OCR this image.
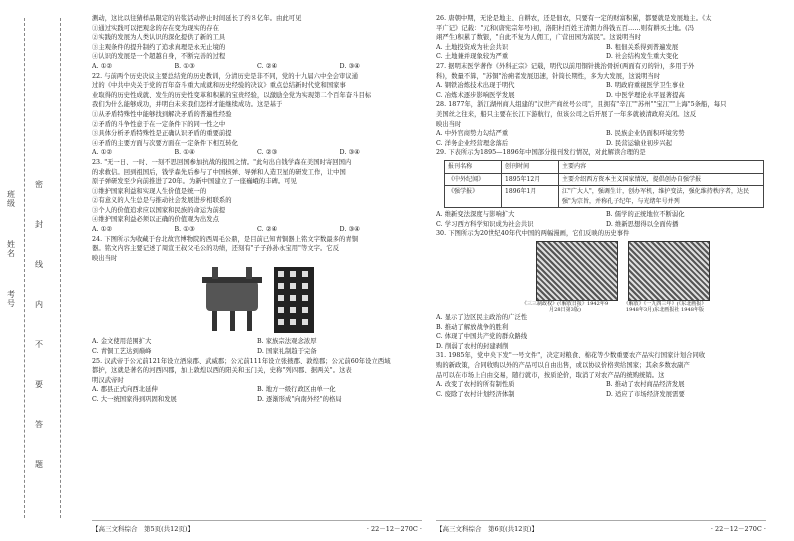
班级
姓名
考号
密
封
线
内
不
要
答
题

测动，这比以往猜样品限定的岩浆活动停止时间延长了约８亿年。由此可见

①通过实践可以把观念的存在变为现实的存在

②实践的发展为人类认识的深化提供了新的工具

③主观条件的提升制约了追求真理是永无止境的

④认识的发展是一个超越自身，不断完善的过程

A. ①②	B. ①③	C. ②④	D. ③④

22. 与前两个历史决议主要总结党的历史教训，分清历史是非不同，党的十九届六中全会审议通

过的《中共中央关于党的百年奋斗重大成就和历史经验的决议》重点总结新时代党和国家事

业取得的历史性成就、发生的历史性变革和积累的宝贵经验，以激励全党为实现第二个百年奋斗目标

我们为什么能够成功，并明白未来我们怎样才能继续成功。这是基于

①从矛盾特殊性中能够找到解决矛盾的普遍性经验

②矛盾的斗争性意于在一定条件下的同一性之中

③具体分析矛盾特殊性是正确认识矛盾的重要前提

④矛盾的主要方面与次要方面在一定条件下相互转化

A. ①②	B. ①④	C. ②③	D. ③④

23. "无一日、一时、一刻不思回国参加抗战的报国之情。"此句出自钱学森在美国时寄回国内

的求救信。回到祖国后，钱学森先后参与了中国核弹、导弹和人造卫星的研发工作，让中国

原子弹研发至少向前推进了20年。为新中国建立了一座巍峨的丰碑。可见

①维护国家利益和实现人生价值是统一的

②有意义的人生总是与推动社会发展进步相联系的

③个人的价值追求应以国家和民族的命运为前提

④维护国家利益必须以正确的价值观为出发点

A. ①②	B. ①③	C. ②④	D. ③④

24. 下图所示为收藏于台北故宫博物院的西周毛公鼎，是目前已知青铜器上铭文字数最多的青铜

器。铭文内容主要记述了周宣王叔父毛公的功绩，还刻有"子子孙孙永宝用"等文字。它反

映出当时

A. 金文使用范围扩大	B. 家族宗法观念浓厚
C. 青铜工艺达到巅峰	D. 国家礼制趋于完备

25. 汉武帝于公元前121年设立酒泉郡、武威郡；公元前111年设立张掖郡、敦煌郡；公元前60年设立西域

都护，这就是著名的河西四郡，加上敦煌以西的阳关和玉门关，史称"列四郡、据两关"。这表

明汉武帝时

A. 郡县正式向西北延伸	B. 地方一级行政区由单一化
C. 大一统国家得到巩固和发展	D. 逐渐形成"向南外经"的格局
【高三文科综合　第5页(共12页)】	· 22－12－270C ·

26. 唐朝中期，无论是地主、自耕农，还是佃农，只要有一定的财富积累，都要就是发展地主。《太

平广记》记载："元和(唐宪宗年号)初，洛阳村百姓王清佣力得钱五百……则有耕买土地。(冯

翊严生)积累了数银，"自此不复为人佣工，广营田园为富民"。这说明当时

A. 土地投资成为社会共识	B. 租佃关系得到普遍发展
C. 土地兼并现象较为严重	D. 社会结构发生重大变化

27. 据明末医学著作《外科正宗》记载，明代以前用铜针挑治骨折(两面有刃的针)，多用于外

科)，数量不算，"苏铜"治痈者发展迅速，针筒长期性，多为大发展，这说明当时

A. 钢铁冶炼技术出现于明代	B. 明政府重视医学卫生事业
C. 冶炼术逐步影响医学发展	D. 中医学理论水平显著提高

28. 1877年，浙江湖州商人组建的"汉世产商丝号公司"，且拥有"辛江""苏州""宝江""上海"5条船，每只

美国丝之往来，船只主要在长江下游航行，但该公司之后开展了一年多就被清政府关闭。这反

映出当时

A. 中外官商势力勾结严重	B. 民族企业仍面积环境劣势
C. 洋务企业经营理念落后	D. 民营运输业初步兴起

29. 下表所示为1895—1896年中国部分报刊发行情况，对此解读合理的是

报刊名称	创刊时间	主要内容
《中外纪闻》	1895年12月	主要介绍西方资本主义国家情况，提倡创办自强学报
《强学报》	1896年1月	江"广大人"，强调生计，创办军机，维护变法，强化维持秩序者，达民强"为宗旨，并称孔子纪年，与光绪年号并列
A. 维新变法深度与影响扩大	B. 儒学的正统地位不断弱化
C. 学习西方科学知识成为社会共识	D. 维新思想得以全面传播

30. 下图所示为20世纪40年代中国的两幅漫画，它们反映的历史事件

《三三制政权》(《解放日报》1942年9月28日第3版)
《解放》《一九四三年》(《东北画报》1948年3月)东北画报社 1948年版

A. 显示了边区民主政治的广泛性

B. 推动了解放战争的胜利

C. 体现了中国共产党的群众路线

D. 削弱了农村的封建剥削

31. 1985年，党中央下发"一号文件"，决定对粮食、棉花等少数重要农产品实行国家计划合同收

购的新政策，合同收购以外的产品可以自由出售，或以协议价格卖给国家；其余多数农副产

品可以在市场上自由交易，随行就市，按质论价，取消了对农产品的统购统销。这

A. 改变了农村的所有制性质	B. 推动了农村商品经济发展
C. 废除了农村计划经济体制	D. 适应了市场经济发展需要
【高三文科综合　第6页(共12页)】	· 22－12－270C ·
